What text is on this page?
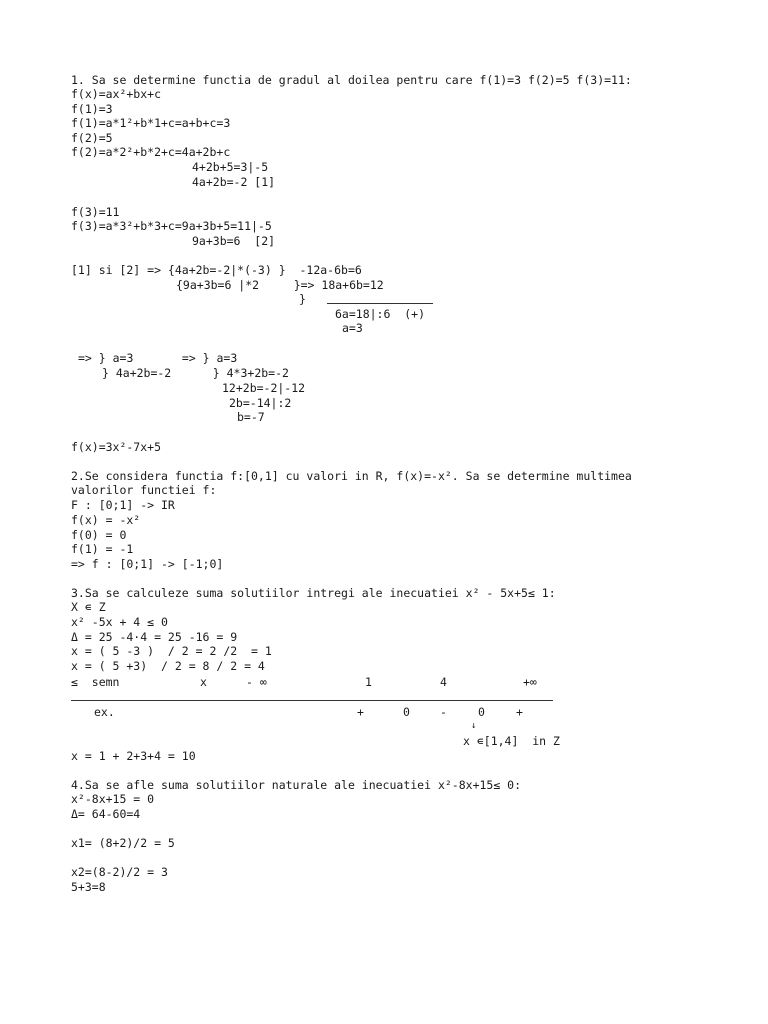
1. Sa se determine functia de gradul al doilea pentru care f(1)=3 f(2)=5 f(3)=11:
f(x)=ax²+bx+c
f(1)=3
f(1)=a*1²+b*1+c=a+b+c=3
f(2)=5
f(2)=a*2²+b*2+c=4a+2b+c
4+2b+5=3|-5
4a+2b=-2 [1]
f(3)=11
f(3)=a*3²+b*3+c=9a+3b+5=11|-5
9a+3b=6  [2]
[1] si [2] => {4a+2b=-2|*(-3) }  -12a-6b=6
{9a+3b=6 |*2     }=> 18a+6b=12
}
6a=18|:6  (+)
a=3
=> } a=3       => } a=3
} 4a+2b=-2      } 4*3+2b=-2
12+2b=-2|-12
2b=-14|:2
b=-7
f(x)=3x²-7x+5
2.Se considera functia f:[0,1] cu valori in R, f(x)=-x². Sa se determine multimea
valorilor functiei f:
F : [0;1] -> IR
f(x) = -x²
f(0) = 0
f(1) = -1
=> f : [0;1] -> [-1;0]
3.Sa se calculeze suma solutiilor intregi ale inecuatiei x² - 5x+5≤ 1:
X ∊ Z
x² -5x + 4 ≤ 0
Δ = 25 -4·4 = 25 -16 = 9
x = ( 5 -3 )  / 2 = 2 /2  = 1
x = ( 5 +3)  / 2 = 8 / 2 = 4
≤  semn	x	- ∞	1	4	+∞
ex.	+	0	-	0	+
↓
x ∊[1,4]  in Z
x = 1 + 2+3+4 = 10
4.Sa se afle suma solutiilor naturale ale inecuatiei x²-8x+15≤ 0:
x²-8x+15 = 0
Δ= 64-60=4
x1= (8+2)/2 = 5
x2=(8-2)/2 = 3
5+3=8
